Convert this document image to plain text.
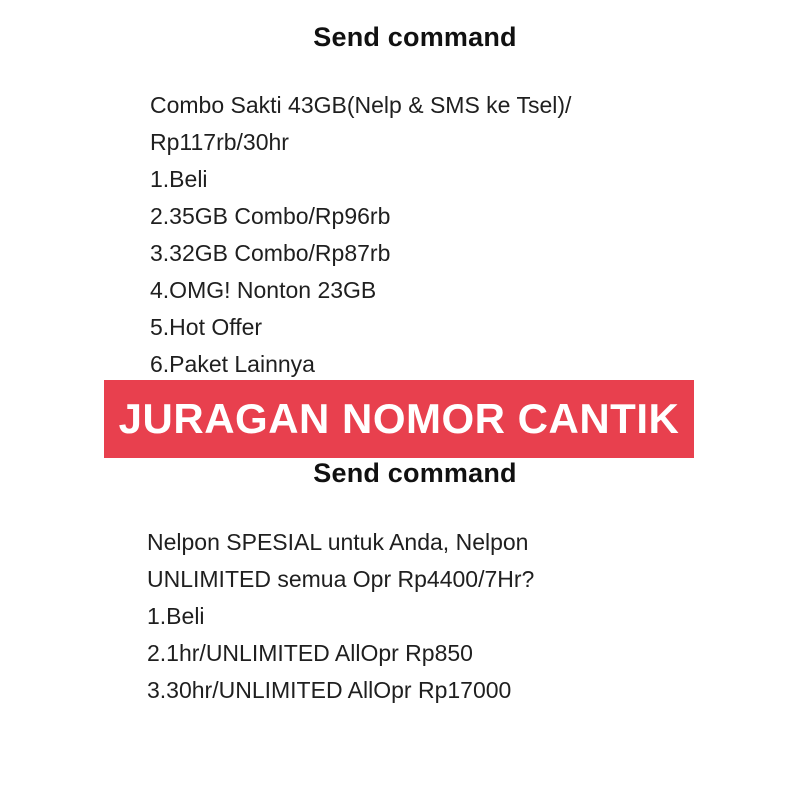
Send command
Combo Sakti 43GB(Nelp & SMS ke Tsel)/
Rp117rb/30hr
1.Beli
2.35GB Combo/Rp96rb
3.32GB Combo/Rp87rb
4.OMG! Nonton 23GB
5.Hot Offer
6.Paket Lainnya
JURAGAN NOMOR CANTIK
Send command
Nelpon SPESIAL untuk Anda, Nelpon
UNLIMITED semua Opr Rp4400/7Hr?
1.Beli
2.1hr/UNLIMITED AllOpr Rp850
3.30hr/UNLIMITED AllOpr Rp17000
